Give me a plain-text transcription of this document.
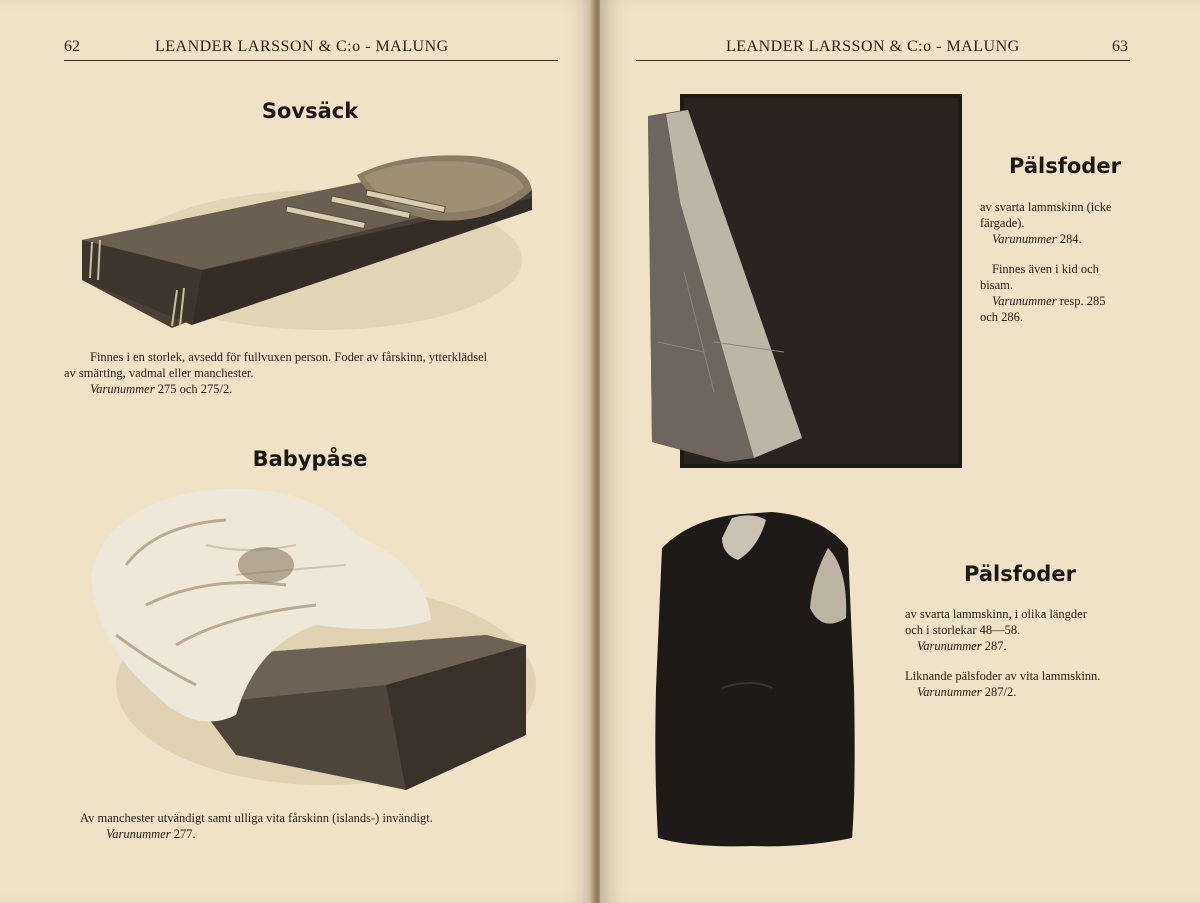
62	LEANDER LARSSON & C:o - MALUNG
Sovsäck

Finnes i en storlek, avsedd för fullvuxen person. Foder av fårskinn, ytterklädsel

av smärting, vadmal eller manchester.

Varunummer 275 och 275/2.

Babypåse

Av manchester utvändigt samt ulliga vita fårskinn (islands-) invändigt.

Varunummer 277.

LEANDER LARSSON & C:o - MALUNG	63
Pälsfoder

av svarta lammskinn (icke

färgade).

Varunummer 284.

Finnes även i kid och

bisam.

Varunummer resp. 285

och 286.

Pälsfoder

av svarta lammskinn, i olika längder

och i storlekar 48—58.

Varunummer 287.

Liknande pälsfoder av vita lammskinn.

Varunummer 287/2.
